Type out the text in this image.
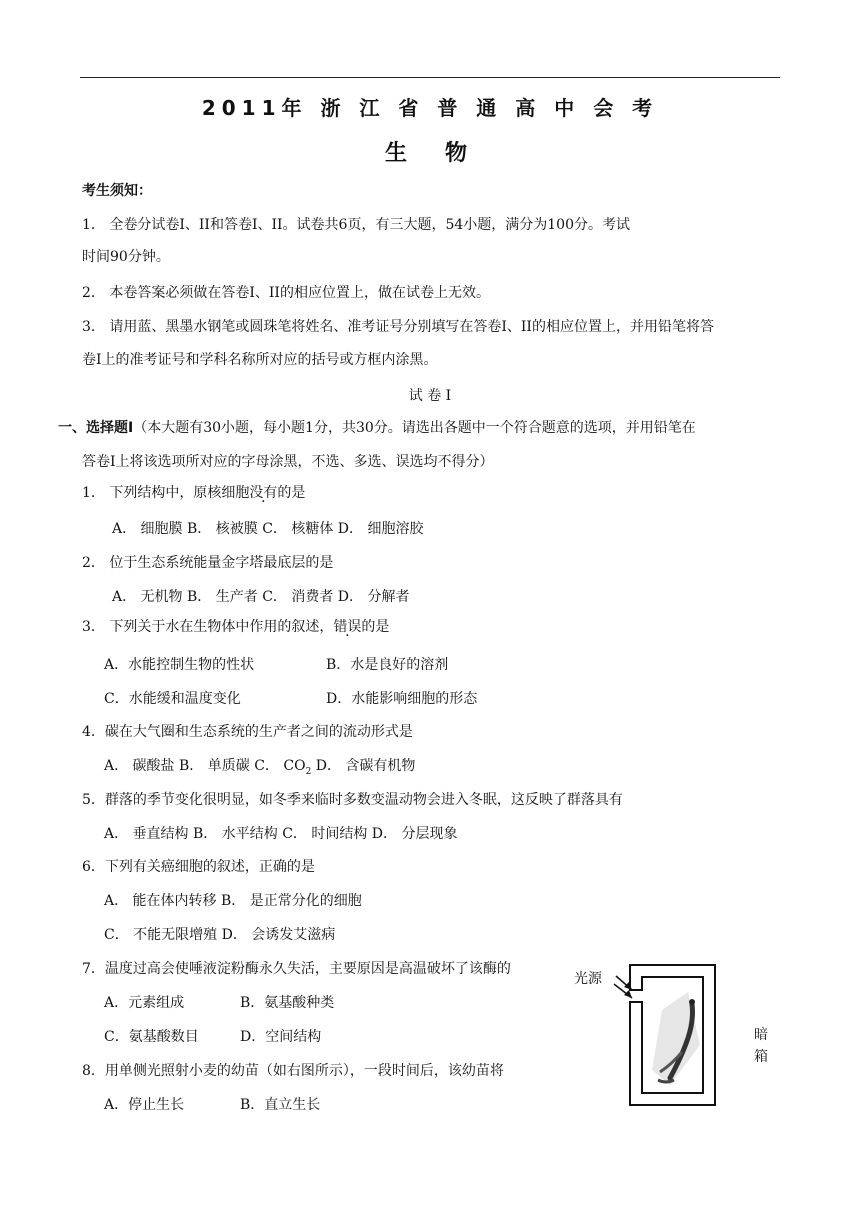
2011年 浙 江 省 普 通 高 中 会 考
生物
考生须知：
1． 全卷分试卷I、II和答卷I、II。试卷共6页，有三大题，54小题，满分为100分。考试
时间90分钟。
2． 本卷答案必须做在答卷I、II的相应位置上，做在试卷上无效。
3． 请用蓝、黑墨水钢笔或圆珠笔将姓名、准考证号分别填写在答卷I、II的相应位置上，并用铅笔将答
卷I上的准考证号和学科名称所对应的括号或方框内涂黑。
试 卷 I
一、选择题I（本大题有30小题，每小题1分，共30分。请选出各题中一个符合题意的选项，并用铅笔在
答卷I上将该选项所对应的字母涂黑，不选、多选、误选均不得分）
1． 下列结构中，原核细胞没有的是
A． 细胞膜 B． 核被膜 C． 核糖体 D． 细胞溶胶
2． 位于生态系统能量金字塔最底层的是
A． 无机物 B． 生产者 C． 消费者 D． 分解者
3． 下列关于水在生物体中作用的叙述，错误的是
A．水能控制生物的性状	B．水是良好的溶剂
C．水能缓和温度变化	D．水能影响细胞的形态
4．碳在大气圈和生态系统的生产者之间的流动形式是
A． 碳酸盐 B． 单质碳 C． $CO_2$ D． 含碳有机物
5．群落的季节变化很明显，如冬季来临时多数变温动物会进入冬眠，这反映了群落具有
A． 垂直结构 B． 水平结构 C． 时间结构 D． 分层现象
6．下列有关癌细胞的叙述，正确的是
A． 能在体内转移 B． 是正常分化的细胞
C． 不能无限增殖 D． 会诱发艾滋病
7．温度过高会使唾液淀粉酶永久失活，主要原因是高温破坏了该酶的
A．元素组成	B．氨基酸种类
C．氨基酸数目	D．空间结构
8．用单侧光照射小麦的幼苗（如右图所示），一段时间后，该幼苗将
A．停止生长	B．直立生长
光源
暗
箱
